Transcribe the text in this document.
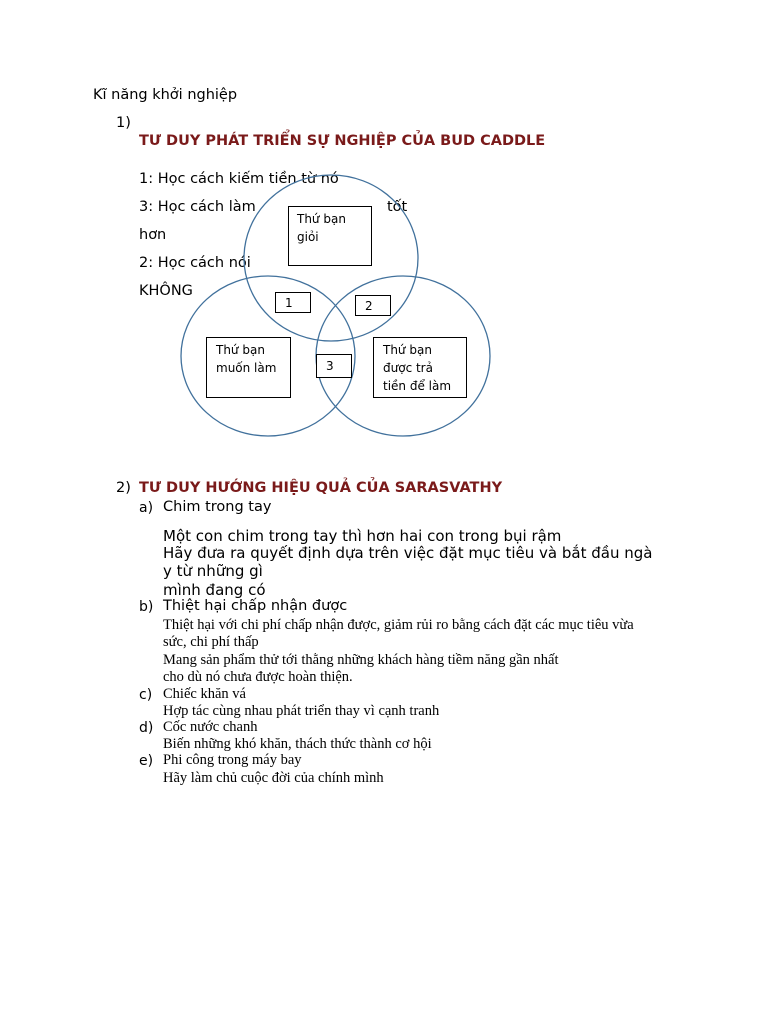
Kĩ năng khởi nghiệp
1)
TƯ DUY PHÁT TRIỂN SỰ NGHIỆP CỦA BUD CADDLE
1: Học cách kiếm tiền từ nó
3: Học cách làm	tốt
hơn
2: Học cách nói
KHÔNG
Thứ bạn
giỏi
Thứ bạn
muốn làm
Thứ bạn
được trả
tiền để làm
1	2
3
2) TƯ DUY HƯỚNG HIỆU QUẢ CỦA SARASVATHY
a) Chim trong tay
Một con chim trong tay thì hơn hai con trong bụi rậm
Hãy đưa ra quyết định dựa trên việc đặt mục tiêu và bắt đầu ngà
y từ những gì
mình đang có
b) Thiệt hại chấp nhận được
Thiệt hại với chi phí chấp nhận được, giảm rủi ro bằng cách đặt các mục tiêu vừa
sức, chi phí thấp
Mang sản phẩm thử tới thằng những khách hàng tiềm năng gần nhất
cho dù nó chưa được hoàn thiện.
c) Chiếc khăn vá
Hợp tác cùng nhau phát triển thay vì cạnh tranh
d) Cốc nước chanh
Biến những khó khăn, thách thức thành cơ hội
e) Phi công trong máy bay
Hãy làm chủ cuộc đời của chính mình
